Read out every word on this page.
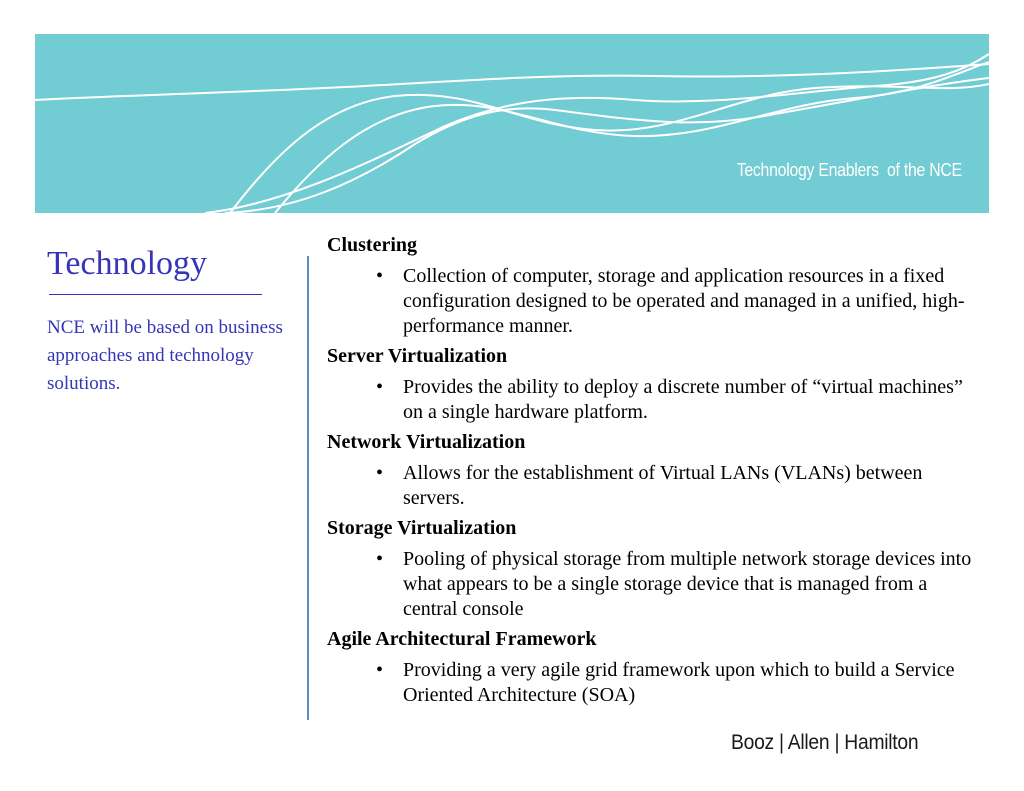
Technology Enablers  of the NCE
Technology
NCE will be based on business approaches and technology solutions.
Clustering
• Collection of computer, storage and application resources in a fixed configuration designed to be operated and managed in a unified, high-performance manner.
Server Virtualization
• Provides the ability to deploy a discrete number of “virtual machines” on a single hardware platform.
Network Virtualization
• Allows for the establishment of Virtual LANs (VLANs) between servers.
Storage Virtualization
• Pooling of physical storage from multiple network storage devices into what appears to be a single storage device that is managed from a central console
Agile Architectural Framework
• Providing a very agile grid framework upon which to build a Service Oriented Architecture (SOA)
Booz | Allen | Hamilton
